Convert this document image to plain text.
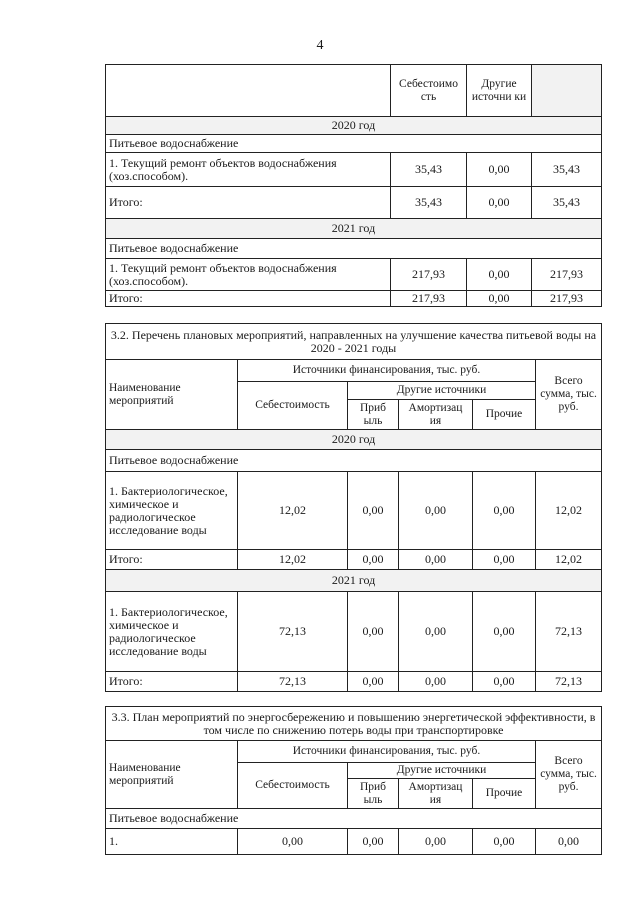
4
	Себестоимо сть	Другие источни ки	
2020 год			
Питьевое водоснабжение			
1. Текущий ремонт объектов водоснабжения (хоз.способом).	35,43	0,00	35,43
Итого:	35,43	0,00	35,43
2021 год			
Питьевое водоснабжение			
1. Текущий ремонт объектов водоснабжения (хоз.способом).	217,93	0,00	217,93
Итого:	217,93	0,00	217,93
3.2. Перечень плановых мероприятий, направленных на улучшение качества питьевой воды на 2020 - 2021 годы					
Наименование мероприятий	Источники финансирования, тыс. руб.				Всего сумма, тыс. руб.
	Себестоимость	Другие источники			
		Приб ыль	Амортизац ия	Прочие	
2020 год					
Питьевое водоснабжение					
1. Бактериологическое, химическое и радиологическое исследование воды	12,02	0,00	0,00	0,00	12,02
Итого:	12,02	0,00	0,00	0,00	12,02
2021 год					
1. Бактериологическое, химическое и радиологическое исследование воды	72,13	0,00	0,00	0,00	72,13
Итого:	72,13	0,00	0,00	0,00	72,13
3.3. План мероприятий по энергосбережению и повышению энергетической эффективности, в том числе по снижению потерь воды при транспортировке					
Наименование мероприятий	Источники финансирования, тыс. руб.				Всего сумма, тыс. руб.
	Себестоимость	Другие источники			
		Приб ыль	Амортизац ия	Прочие	
Питьевое водоснабжение					
1.	0,00	0,00	0,00	0,00	0,00
